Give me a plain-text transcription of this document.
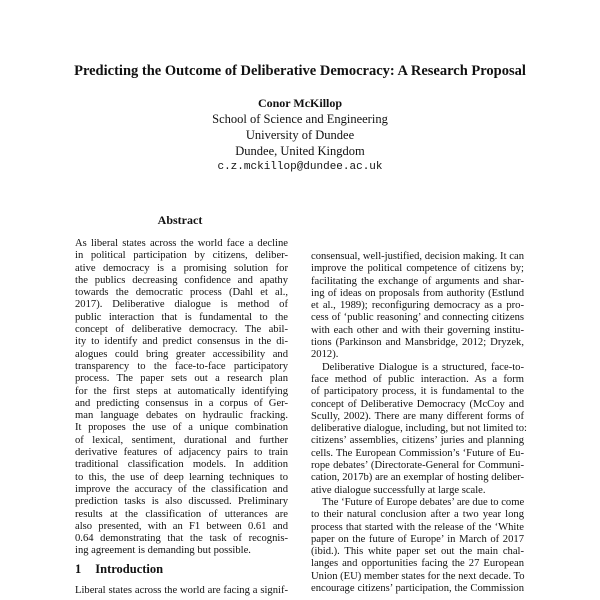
Predicting the Outcome of Deliberative Democracy: A Research Proposal
Conor McKillop
School of Science and Engineering
University of Dundee
Dundee, United Kingdom
c.z.mckillop@dundee.ac.uk
Abstract
As liberal states across the world face a decline
in political participation by citizens, deliber-
ative democracy is a promising solution for
the publics decreasing confidence and apathy
towards the democratic process (Dahl et al.,
2017). Deliberative dialogue is method of
public interaction that is fundamental to the
concept of deliberative democracy. The abil-
ity to identify and predict consensus in the di-
alogues could bring greater accessibility and
transparency to the face-to-face participatory
process. The paper sets out a research plan
for the first steps at automatically identifying
and predicting consensus in a corpus of Ger-
man language debates on hydraulic fracking.
It proposes the use of a unique combination
of lexical, sentiment, durational and further
derivative features of adjacency pairs to train
traditional classification models. In addition
to this, the use of deep learning techniques to
improve the accuracy of the classification and
prediction tasks is also discussed. Preliminary
results at the classification of utterances are
also presented, with an F1 between 0.61 and
0.64 demonstrating that the task of recognis-
ing agreement is demanding but possible.
1 Introduction
Liberal states across the world are facing a signif-
consensual, well-justified, decision making. It can
improve the political competence of citizens by;
facilitating the exchange of arguments and shar-
ing of ideas on proposals from authority (Estlund
et al., 1989); reconfiguring democracy as a pro-
cess of ‘public reasoning’ and connecting citizens
with each other and with their governing institu-
tions (Parkinson and Mansbridge, 2012; Dryzek,
2012).
Deliberative Dialogue is a structured, face-to-
face method of public interaction. As a form
of participatory process, it is fundamental to the
concept of Deliberative Democracy (McCoy and
Scully, 2002). There are many different forms of
deliberative dialogue, including, but not limited to:
citizens’ assemblies, citizens’ juries and planning
cells. The European Commission’s ‘Future of Eu-
rope debates’ (Directorate-General for Communi-
cation, 2017b) are an exemplar of hosting deliber-
ative dialogue successfully at large scale.
The ‘Future of Europe debates’ are due to come
to their natural conclusion after a two year long
process that started with the release of the ‘White
paper on the future of Europe’ in March of 2017
(ibid.). This white paper set out the main chal-
langes and opportunities facing the 27 European
Union (EU) member states for the next decade. To
encourage citizens’ participation, the Commission
